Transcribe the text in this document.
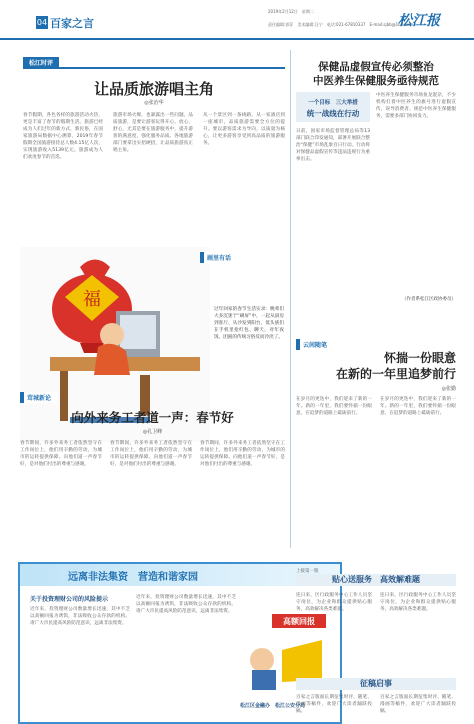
04 百家之言
2019年2月12日　星期二
责任编辑:郭菲　美术编辑:汪宁　电话:021-67810337　E-mail:sjbb@163.com
松江报
松江时评
让品质旅游唱主角
◎张治华
春节假期，各色各样的旅游活动火热，更是丰富了春节的假期生活。旅游已经成为人们过年的新方式、新民俗，在国家旅游局数据中心测算，2019年春节假期全国旅游接待总人数4.15亿人次，实现旅游收入5139亿元。旅游成为人们欢度春节的首选。
旅游市场火爆，也暴露出一些问题。品质旅游，是要让游客玩得开心、放心、舒心，尤其是要在旅游服务中，提升游客的满意度，强化服务品质。各地旅游部门要拿出实招硬招，让品质旅游真正唱主角。
从一个景区到一条线路，从一家酒店到一座城市，品质旅游需要全方位的提升。要以游客需求为导向，以质量为核心，让更多游客享受到高品质的旅游服务。
保健品虚假宣传必须整治
中医养生保健服务亟待规范
一个目标　三大举措
统一战线在行动
日前，国家市场监督管理总局等13部门联合印发通知，部署开展联合整治“保健”市场乱象百日行动。行动将对保健品虚假宣传等违法违规行为重拳出击。
中医养生保健服务市场鱼龙混杂，不少机构打着中医养生的旗号进行虚假宣传，误导消费者。规范中医养生保健服务，需要多部门协同发力。
（作者系松江区政协委员）
福
画里有话
过年回家的春节生活实录：晚辈们大多沉迷于“刷屏”中，一起从厨房到客厅、从沙发到阳台，低头族们在手机里抢红包、聊天，对年夜饭、团圆的传统习俗反而冷淡了。
云间随笔
怀揣一份眼意
在新的一年里追梦前行
◎张勤
在岁月的更迭中，我们迎来了新的一年。新的一年里，我们要怀揣一份眼意，在追梦的道路上砥砺前行。
在岁月的更迭中，我们迎来了新的一年。新的一年里，我们要怀揣一份眼意，在追梦的道路上砥砺前行。
茸城新论
向外来务工者道一声：春节好
◎孔卫峰
春节期间，许多外来务工者依然坚守在工作岗位上，他们用辛勤的劳动，为城市的运转提供保障。向他们道一声春节好，是对他们付出的尊重与感谢。
春节期间，许多外来务工者依然坚守在工作岗位上，他们用辛勤的劳动，为城市的运转提供保障。向他们道一声春节好，是对他们付出的尊重与感谢。
春节期间，许多外来务工者依然坚守在工作岗位上，他们用辛勤的劳动，为城市的运转提供保障。向他们道一声春节好，是对他们付出的尊重与感谢。
远离非法集资　营造和谐家园
关于投资理财公司的风险提示
近年来，投资理财公司数量增长迅速，其中不乏以高额回报为诱饵，非法吸收公众存款的机构。请广大市民提高风险防范意识，远离非法集资。
近年来，投资理财公司数量增长迅速，其中不乏以高额回报为诱饵，非法吸收公众存款的机构。请广大市民提高风险防范意识，远离非法集资。
高额回报
松江区金融办　松江公安分局
上接第一版
贴心送服务　高效解难题
连日来，区行政服务中心工作人员坚守岗位，为企业和群众提供贴心服务，高效解决各类难题。
连日来，区行政服务中心工作人员坚守岗位，为企业和群众提供贴心服务，高效解决各类难题。
征稿启事
百家之言版面长期征集时评、随笔、漫画等稿件，欢迎广大读者踊跃投稿。
百家之言版面长期征集时评、随笔、漫画等稿件，欢迎广大读者踊跃投稿。
